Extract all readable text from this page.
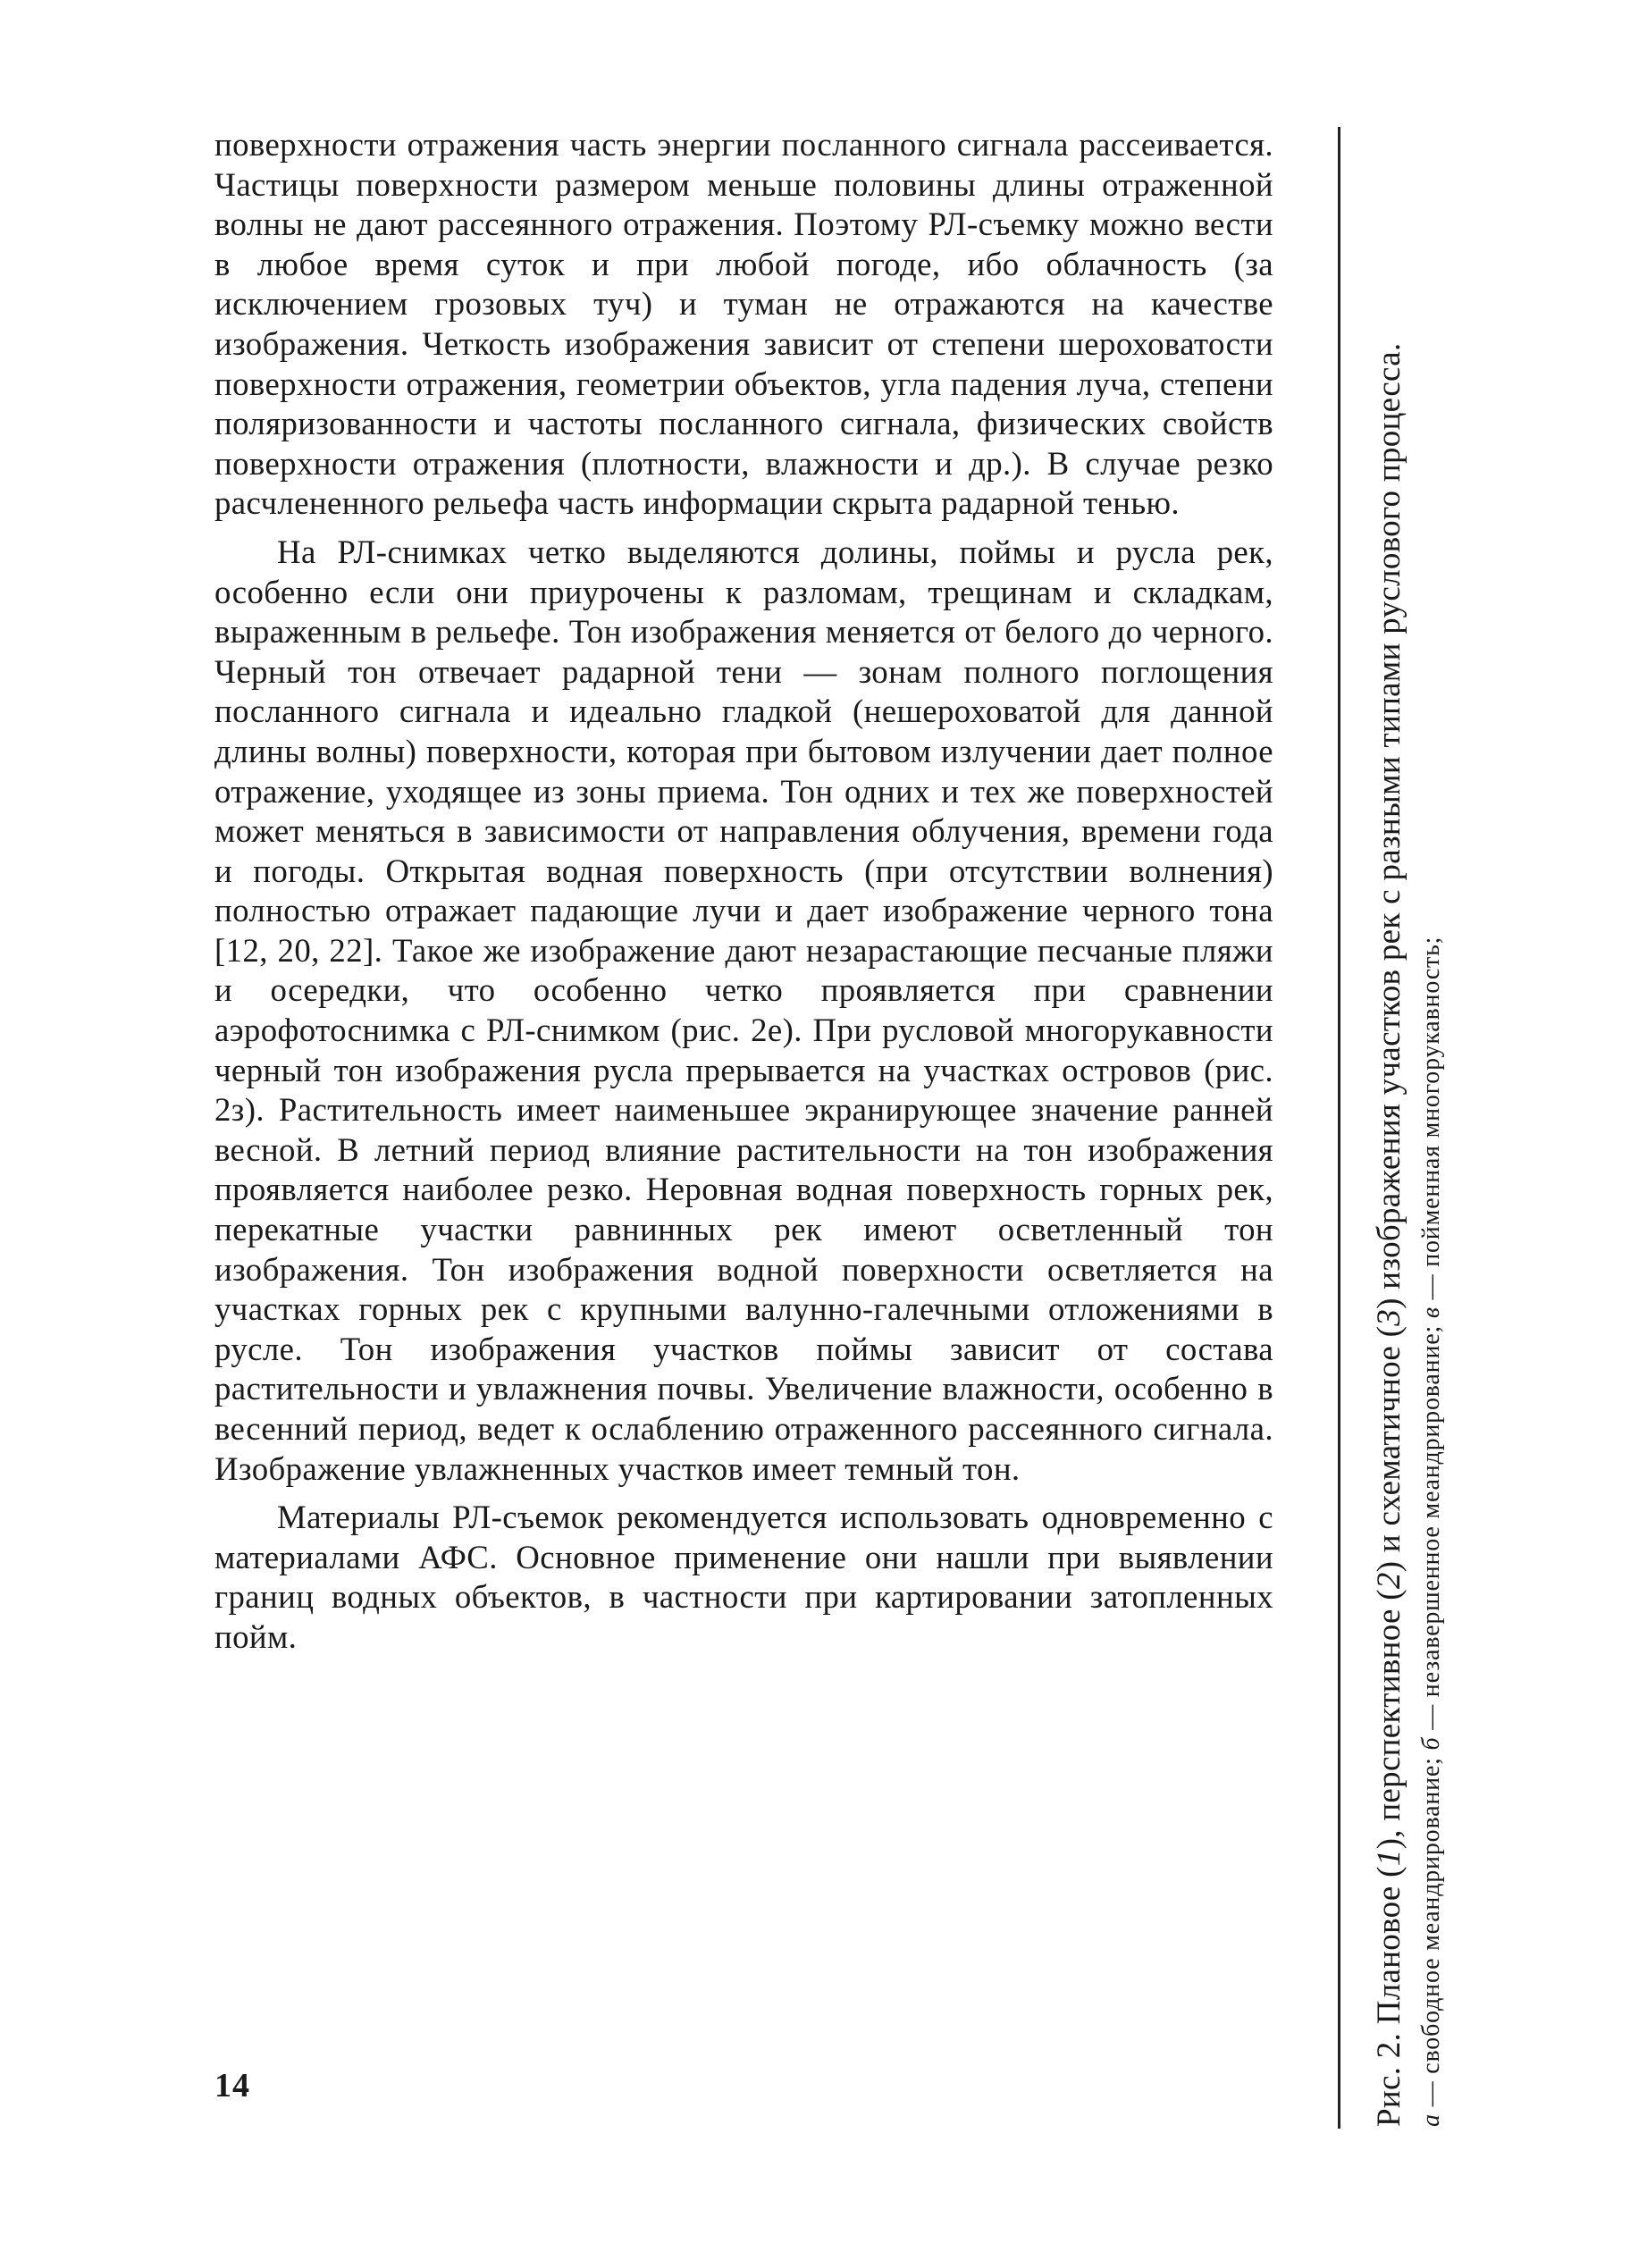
поверхности отражения часть энергии посланного сигнала рассеивается. Частицы поверхности размером меньше половины длины отраженной волны не дают рассеянного отражения. Поэтому РЛ-съемку можно вести в любое время суток и при любой погоде, ибо облачность (за исключением грозовых туч) и туман не отражаются на качестве изображения. Четкость изображения зависит от степени шероховатости поверхности отражения, геометрии объектов, угла падения луча, степени поляризованности и частоты посланного сигнала, физических свойств поверхности отражения (плотности, влажности и др.). В случае резко расчлененного рельефа часть информации скрыта радарной тенью.

На РЛ-снимках четко выделяются долины, поймы и русла рек, особенно если они приурочены к разломам, трещинам и складкам, выраженным в рельефе. Тон изображения меняется от белого до черного. Черный тон отвечает радарной тени — зонам полного поглощения посланного сигнала и идеально гладкой (нешероховатой для данной длины волны) поверхности, которая при бытовом излучении дает полное отражение, уходящее из зоны приема. Тон одних и тех же поверхностей может меняться в зависимости от направления облучения, времени года и погоды. Открытая водная поверхность (при отсутствии волнения) полностью отражает падающие лучи и дает изображение черного тона [12, 20, 22]. Такое же изображение дают незарастающие песчаные пляжи и осередки, что особенно четко проявляется при сравнении аэрофотоснимка с РЛ-снимком (рис. 2е). При русловой многорукавности черный тон изображения русла прерывается на участках островов (рис. 2з). Растительность имеет наименьшее экранирующее значение ранней весной. В летний период влияние растительности на тон изображения проявляется наиболее резко. Неровная водная поверхность горных рек, перекатные участки равнинных рек имеют осветленный тон изображения. Тон изображения водной поверхности осветляется на участках горных рек с крупными валунно-галечными отложениями в русле. Тон изображения участков поймы зависит от состава растительности и увлажнения почвы. Увеличение влажности, особенно в весенний период, ведет к ослаблению отраженного рассеянного сигнала. Изображение увлажненных участков имеет темный тон.

Материалы РЛ-съемок рекомендуется использовать одновременно с материалами АФС. Основное применение они нашли при выявлении границ водных объектов, в частности при картировании затопленных пойм.

14	Рис. 2. Плановое (1), перспективное (2) и схематичное (3) изображения участков рек с разными типами руслового процесса.
а — свободное меандрирование; б — незавершенное меандрирование; в — пойменная многорукавность;
